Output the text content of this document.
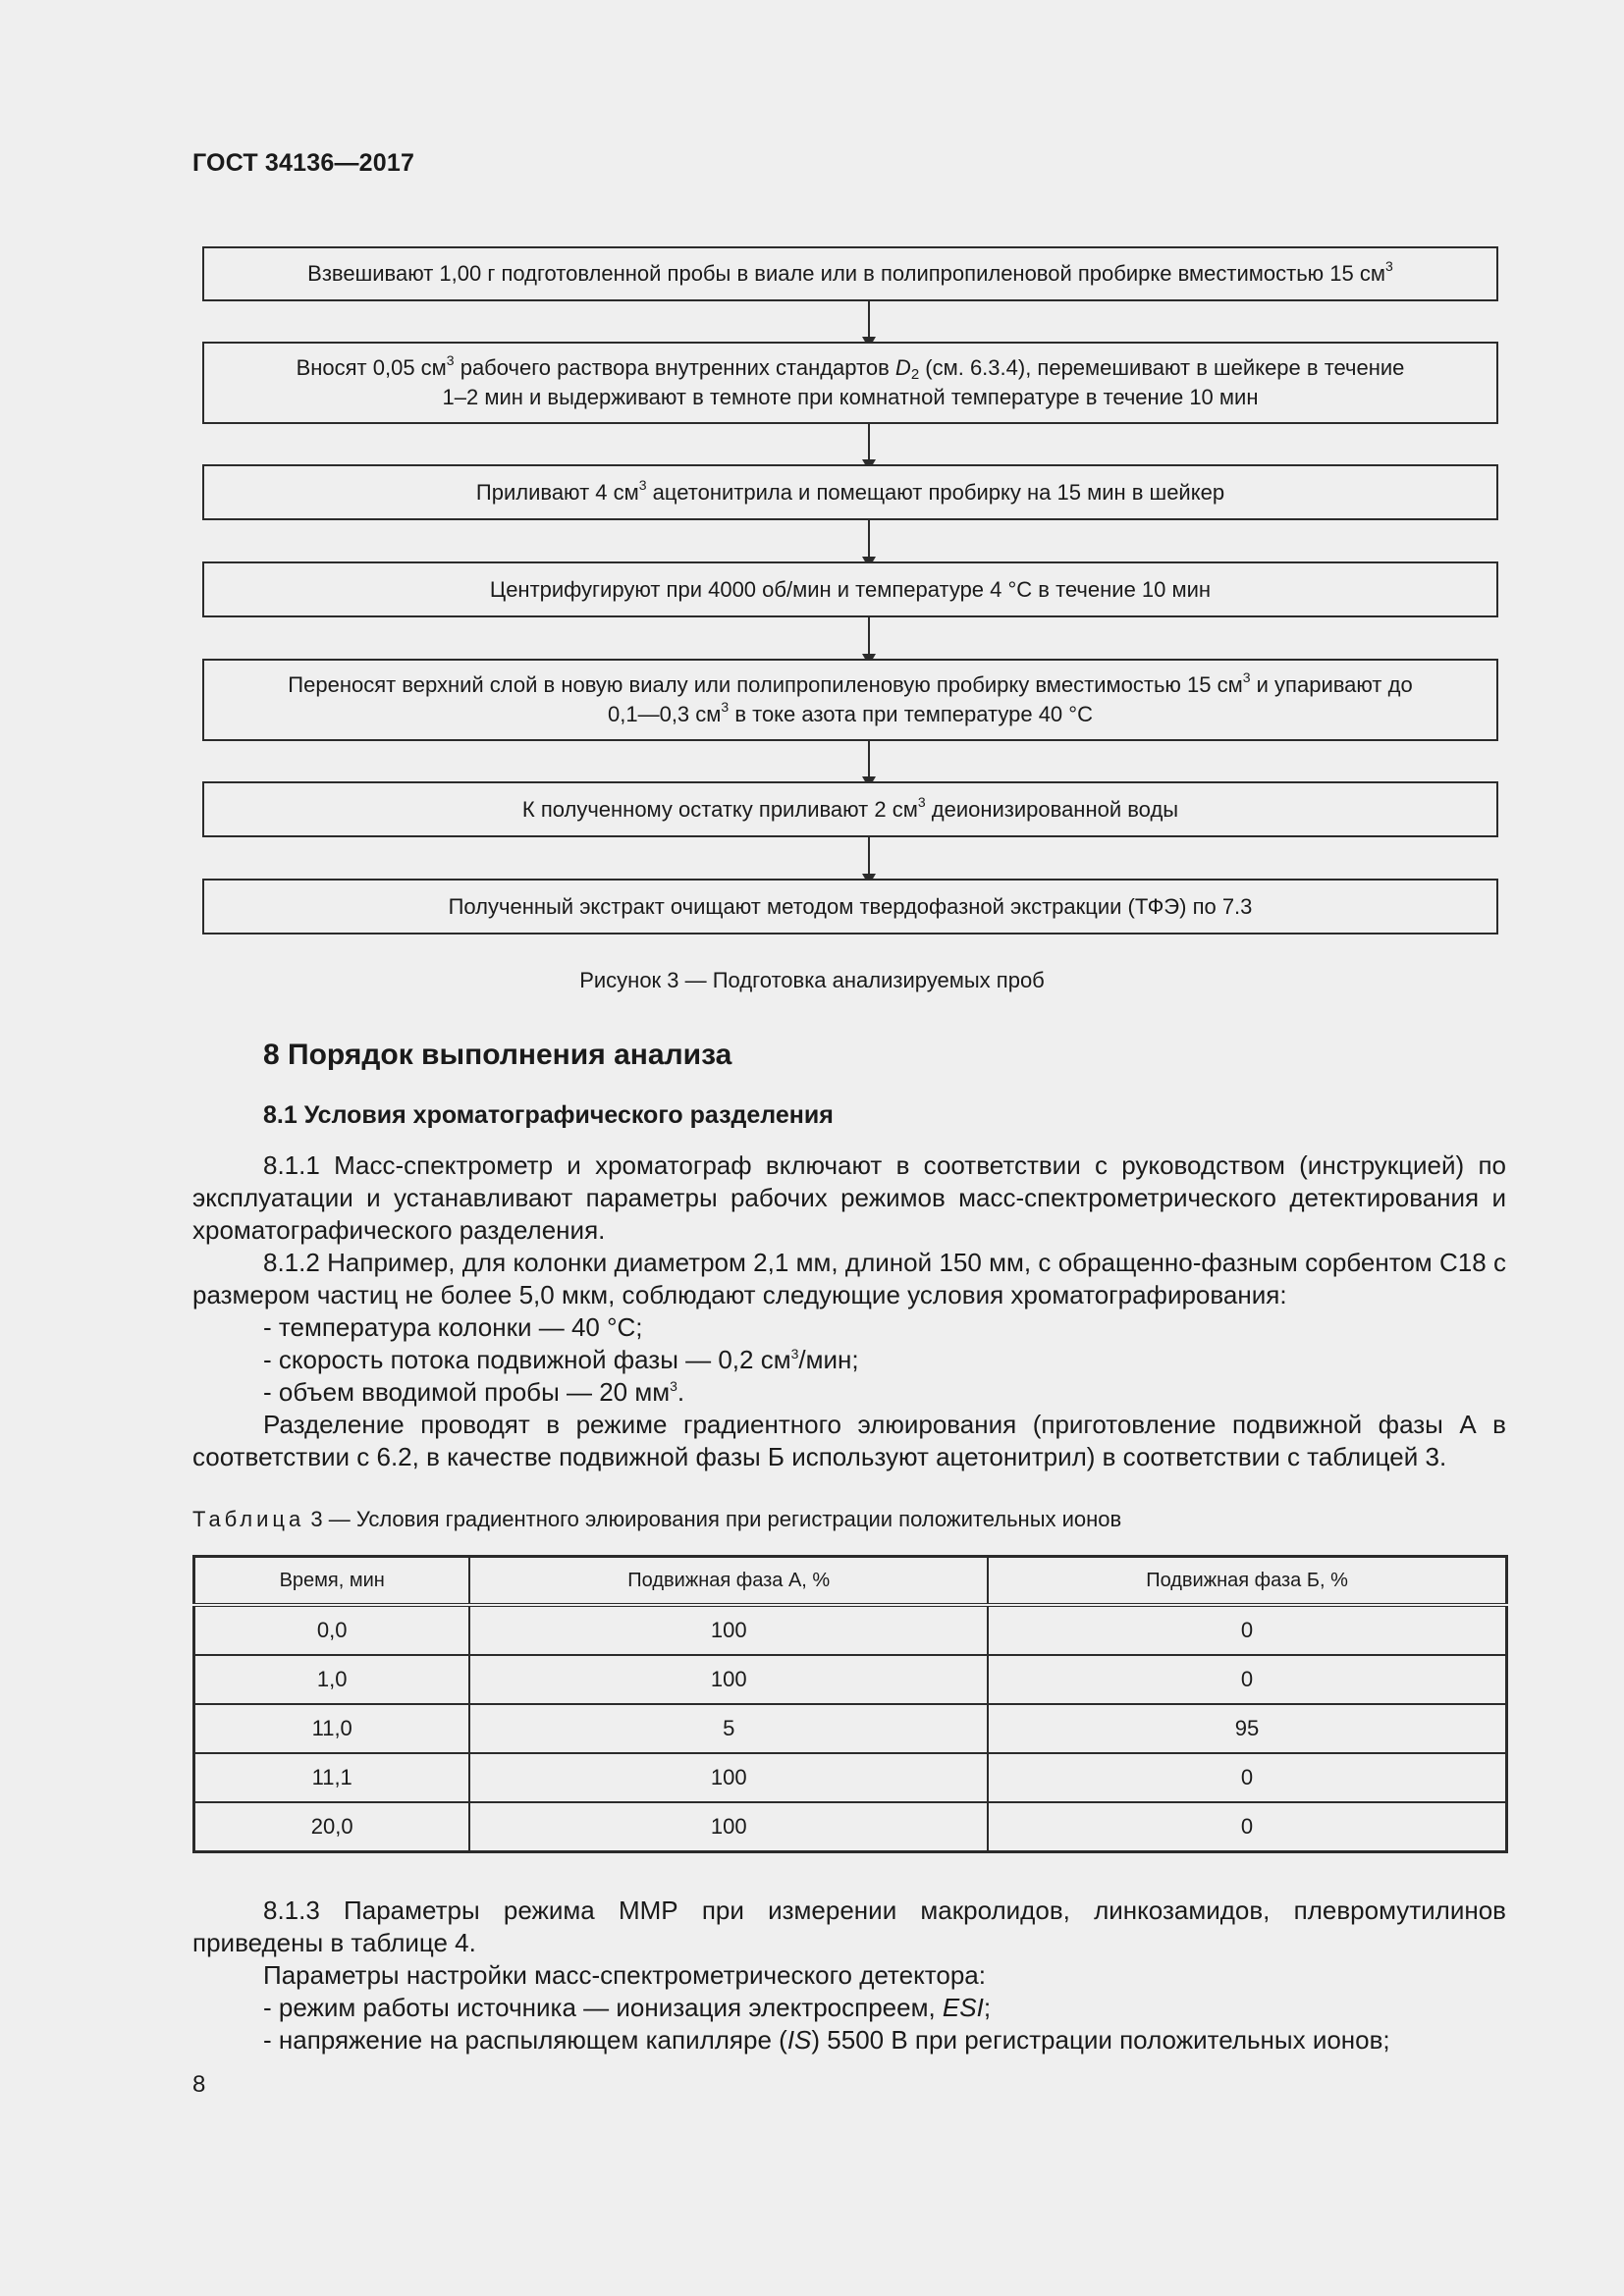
ГОСТ 34136—2017
Взвешивают 1,00 г подготовленной пробы в виале или в полипропиленовой пробирке вместимостью 15 $см^3$
Вносят 0,05 $см^3$ рабочего раствора внутренних стандартов $D_2$ (см. 6.3.4), перемешивают в шейкере в течение
1–2 мин и выдерживают в темноте при комнатной температуре в течение 10 мин
Приливают 4 $см^3$ ацетонитрила и помещают пробирку на 15 мин в шейкер
Центрифугируют при 4000 об/мин и температуре 4 °С в течение 10 мин
Переносят верхний слой в новую виалу или полипропиленовую пробирку вместимостью 15 $см^3$ и упаривают до
0,1—0,3 $см^3$ в токе азота при температуре 40 °С
К полученному остатку приливают 2 $см^3$ деионизированной воды
Полученный экстракт очищают методом твердофазной экстракции (ТФЭ) по 7.3
Рисунок 3 — Подготовка анализируемых проб
8 Порядок выполнения анализа
8.1 Условия хроматографического разделения

8.1.1 Масс-спектрометр и хроматограф включают в соответствии с руководством (инструкцией) по эксплуатации и устанавливают параметры рабочих режимов масс-спектрометрического детектирования и хроматографического разделения.

8.1.2 Например, для колонки диаметром 2,1 мм, длиной 150 мм, с обращенно-фазным сорбентом С18 с размером частиц не более 5,0 мкм, соблюдают следующие условия хроматографирования:

- температура колонки — 40 °С;
- скорость потока подвижной фазы — 0,2 $см^3$/мин;
- объем вводимой пробы — 20 $мм^3$.

Разделение проводят в режиме градиентного элюирования (приготовление подвижной фазы А в соответствии с 6.2, в качестве подвижной фазы Б используют ацетонитрил) в соответствии с таблицей 3.

Таблица 3 — Условия градиентного элюирования при регистрации положительных ионов
Время, мин	Подвижная фаза А, %	Подвижная фаза Б, %
0,0	100	0
1,0	100	0
11,0	5	95
11,1	100	0
20,0	100	0

8.1.3 Параметры режима ММР при измерении макролидов, линкозамидов, плевромутилинов приведены в таблице 4.

Параметры настройки масс-спектрометрического детектора:

- режим работы источника — ионизация электроспреем, ESI;
- напряжение на распыляющем капилляре (IS) 5500 В при регистрации положительных ионов;
8
